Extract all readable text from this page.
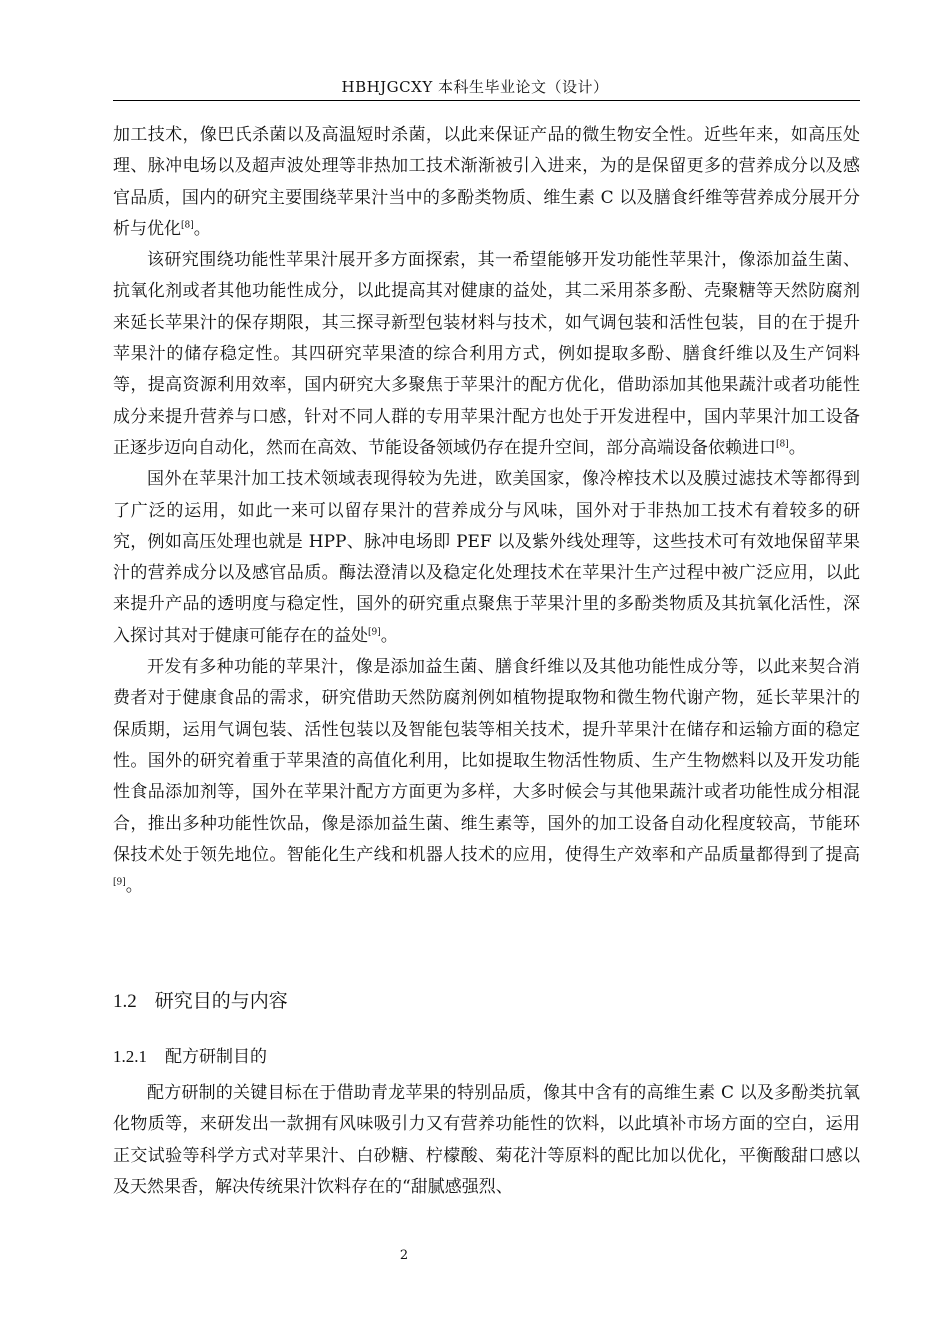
HBHJGCXY 本科生毕业论文（设计）

加工技术，像巴氏杀菌以及高温短时杀菌，以此来保证产品的微生物安全性。近些年来，如高压处理、脉冲电场以及超声波处理等非热加工技术渐渐被引入进来，为的是保留更多的营养成分以及感官品质，国内的研究主要围绕苹果汁当中的多酚类物质、维生素 C 以及膳食纤维等营养成分展开分析与优化[8]。

该研究围绕功能性苹果汁展开多方面探索，其一希望能够开发功能性苹果汁，像添加益生菌、抗氧化剂或者其他功能性成分，以此提高其对健康的益处，其二采用茶多酚、壳聚糖等天然防腐剂来延长苹果汁的保存期限，其三探寻新型包装材料与技术，如气调包装和活性包装，目的在于提升苹果汁的储存稳定性。其四研究苹果渣的综合利用方式，例如提取多酚、膳食纤维以及生产饲料等，提高资源利用效率，国内研究大多聚焦于苹果汁的配方优化，借助添加其他果蔬汁或者功能性成分来提升营养与口感，针对不同人群的专用苹果汁配方也处于开发进程中，国内苹果汁加工设备正逐步迈向自动化，然而在高效、节能设备领域仍存在提升空间，部分高端设备依赖进口[8]。

国外在苹果汁加工技术领域表现得较为先进，欧美国家，像冷榨技术以及膜过滤技术等都得到了广泛的运用，如此一来可以留存果汁的营养成分与风味，国外对于非热加工技术有着较多的研究，例如高压处理也就是 HPP、脉冲电场即 PEF 以及紫外线处理等，这些技术可有效地保留苹果汁的营养成分以及感官品质。酶法澄清以及稳定化处理技术在苹果汁生产过程中被广泛应用，以此来提升产品的透明度与稳定性，国外的研究重点聚焦于苹果汁里的多酚类物质及其抗氧化活性，深入探讨其对于健康可能存在的益处[9]。

开发有多种功能的苹果汁，像是添加益生菌、膳食纤维以及其他功能性成分等，以此来契合消费者对于健康食品的需求，研究借助天然防腐剂例如植物提取物和微生物代谢产物，延长苹果汁的保质期，运用气调包装、活性包装以及智能包装等相关技术，提升苹果汁在储存和运输方面的稳定性。国外的研究着重于苹果渣的高值化利用，比如提取生物活性物质、生产生物燃料以及开发功能性食品添加剂等，国外在苹果汁配方方面更为多样，大多时候会与其他果蔬汁或者功能性成分相混合，推出多种功能性饮品，像是添加益生菌、维生素等，国外的加工设备自动化程度较高，节能环保技术处于领先地位。智能化生产线和机器人技术的应用，使得生产效率和产品质量都得到了提高[9]。

1.2 研究目的与内容
1.2.1 配方研制目的

配方研制的关键目标在于借助青龙苹果的特别品质，像其中含有的高维生素 C 以及多酚类抗氧化物质等，来研发出一款拥有风味吸引力又有营养功能性的饮料，以此填补市场方面的空白，运用正交试验等科学方式对苹果汁、白砂糖、柠檬酸、菊花汁等原料的配比加以优化，平衡酸甜口感以及天然果香，解决传统果汁饮料存在的“甜腻感强烈、

2
